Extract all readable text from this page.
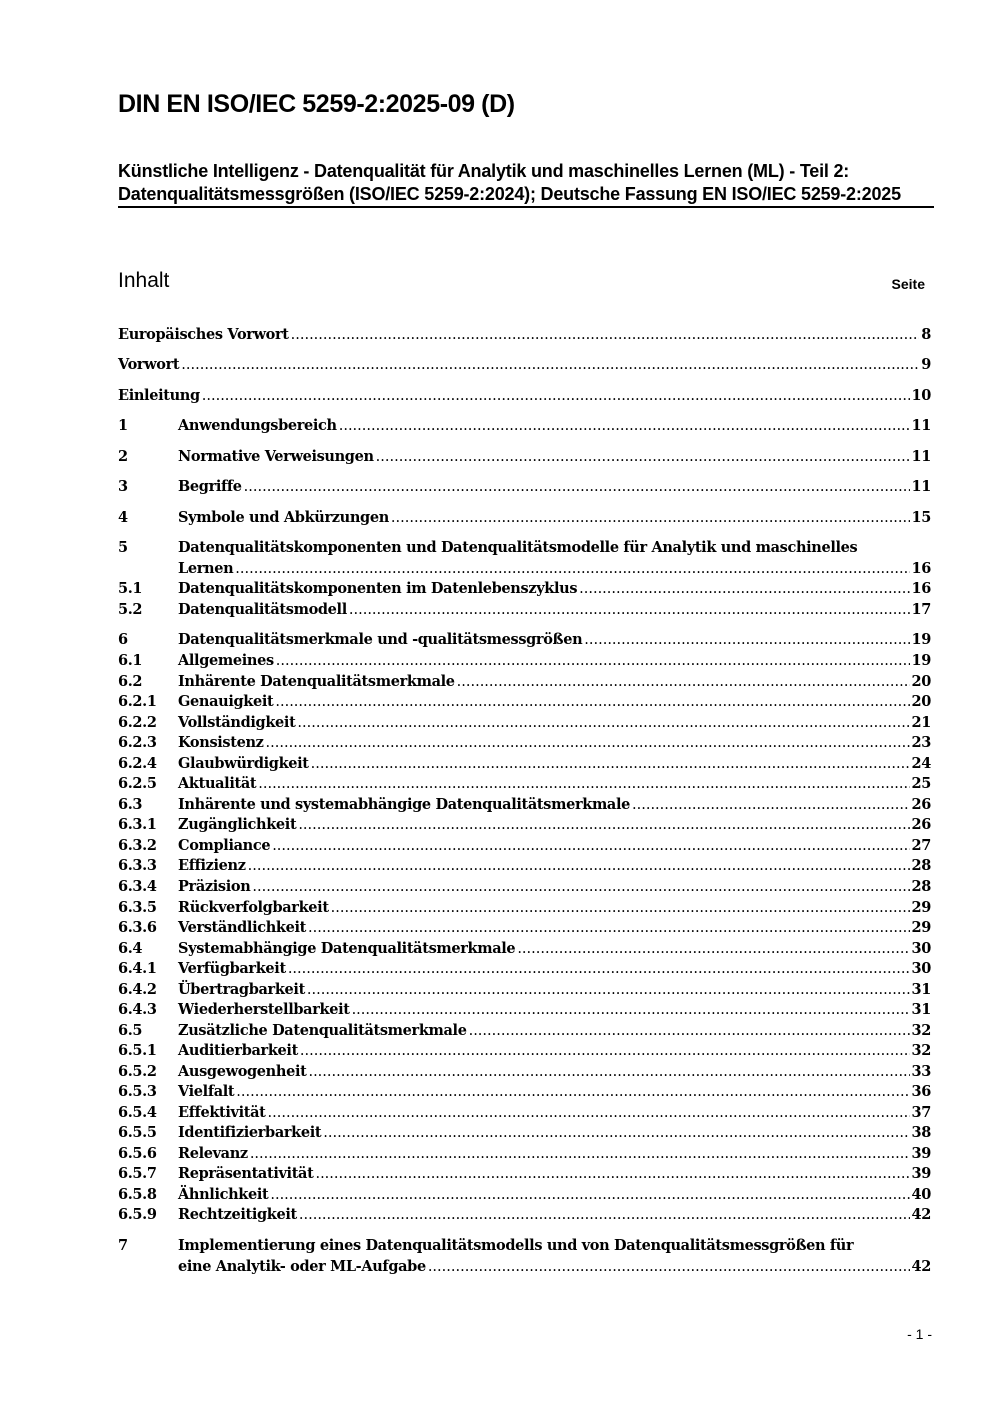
DIN EN ISO/IEC 5259-2:2025-09 (D)
Künstliche Intelligenz - Datenqualität für Analytik und maschinelles Lernen (ML) - Teil 2: Datenqualitätsmessgrößen (ISO/IEC 5259-2:2024); Deutsche Fassung EN ISO/IEC 5259-2:2025
Inhalt	Seite
Europäisches Vorwort .....	8
Vorwort .....	9
Einleitung .....	10
1	Anwendungsbereich .....	11
2	Normative Verweisungen .....	11
3	Begriffe .....	11
4	Symbole und Abkürzungen .....	15
5	Datenqualitätskomponenten und Datenqualitätsmodelle für Analytik und maschinelles
Lernen .....	16
5.1 Datenqualitätskomponenten im Datenlebenszyklus .....	16
5.2 Datenqualitätsmodell .....	17
6	Datenqualitätsmerkmale und -qualitätsmessgrößen .....	19
6.1 Allgemeines .....	19
6.2 Inhärente Datenqualitätsmerkmale .....	20
6.2.1 Genauigkeit .....	20
6.2.2 Vollständigkeit .....	21
6.2.3 Konsistenz .....	23
6.2.4 Glaubwürdigkeit .....	24
6.2.5 Aktualität .....	25
6.3 Inhärente und systemabhängige Datenqualitätsmerkmale .....	26
6.3.1 Zugänglichkeit .....	26
6.3.2 Compliance .....	27
6.3.3 Effizienz .....	28
6.3.4 Präzision .....	28
6.3.5 Rückverfolgbarkeit .....	29
6.3.6 Verständlichkeit .....	29
6.4 Systemabhängige Datenqualitätsmerkmale .....	30
6.4.1 Verfügbarkeit .....	30
6.4.2 Übertragbarkeit .....	31
6.4.3 Wiederherstellbarkeit .....	31
6.5 Zusätzliche Datenqualitätsmerkmale .....	32
6.5.1 Auditierbarkeit .....	32
6.5.2 Ausgewogenheit .....	33
6.5.3 Vielfalt .....	36
6.5.4 Effektivität .....	37
6.5.5 Identifizierbarkeit .....	38
6.5.6 Relevanz .....	39
6.5.7 Repräsentativität .....	39
6.5.8 Ähnlichkeit .....	40
6.5.9 Rechtzeitigkeit .....	42
7	Implementierung eines Datenqualitätsmodells und von Datenqualitätsmessgrößen für
eine Analytik- oder ML-Aufgabe .....	42
- 1 -
